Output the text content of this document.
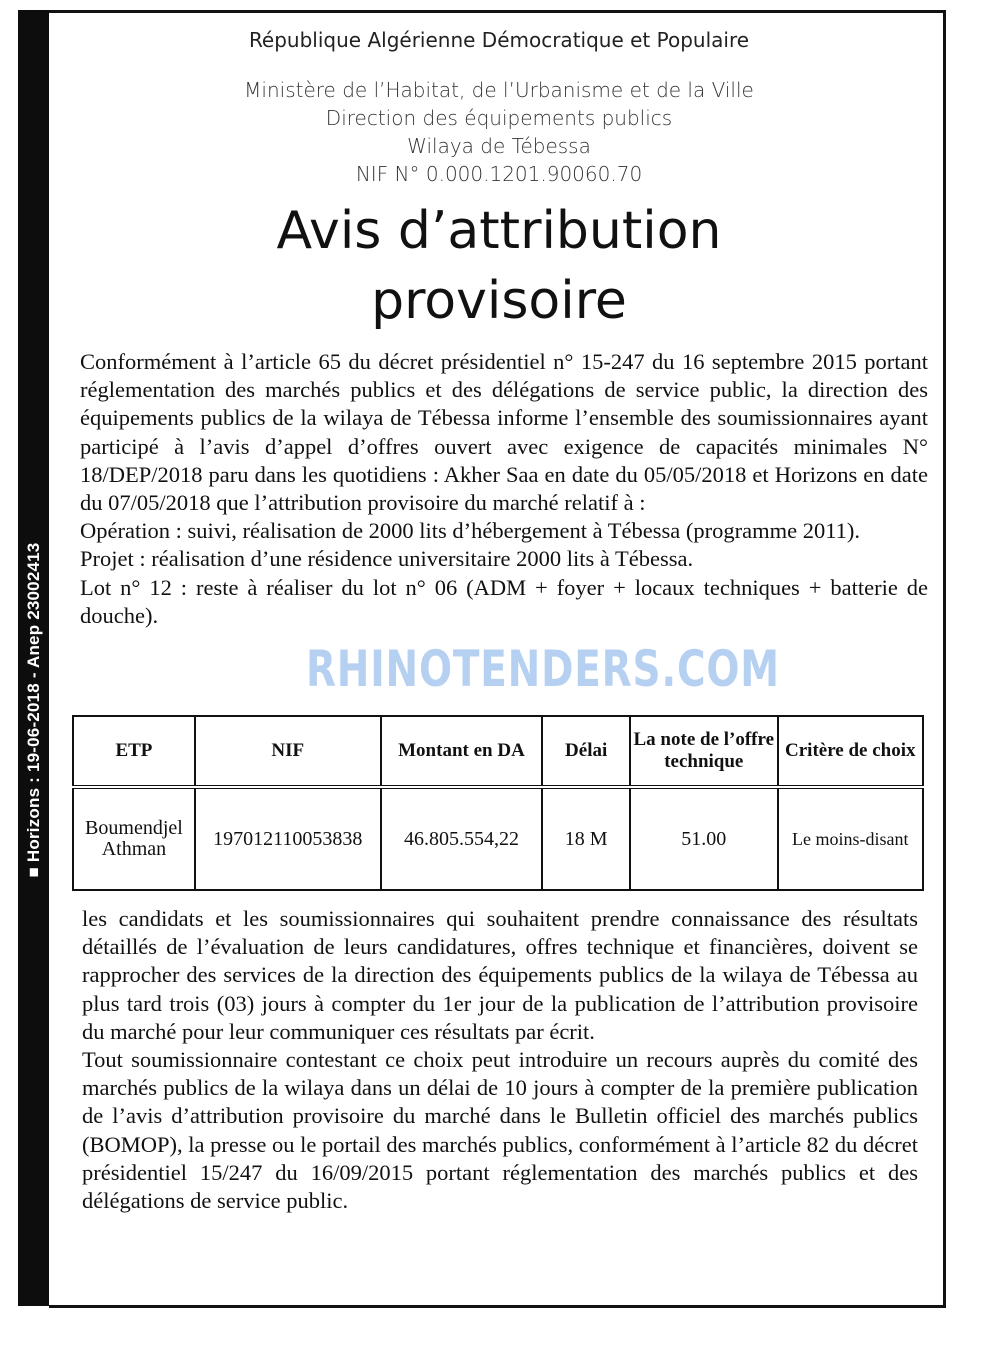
■ Horizons : 19-06-2018 - Anep 23002413
République Algérienne Démocratique et Populaire
Ministère de l’Habitat, de l’Urbanisme et de la Ville
Direction des équipements publics
Wilaya de Tébessa
NIF N° 0.000.1201.90060.70
Avis d’attribution
provisoire

Conformément à l’article 65 du décret présidentiel n° 15-247 du 16 septembre 2015 portant réglementation des marchés publics et des délégations de service public, la direction des équipements publics de la wilaya de Tébessa informe l’ensemble des soumissionnaires ayant participé à l’avis d’appel d’offres ouvert avec exigence de capacités minimales N° 18/DEP/2018 paru dans les quotidiens : Akher Saa en date du 05/05/2018 et Horizons en date du 07/05/2018 que l’attribution provisoire du marché relatif à :

Opération : suivi, réalisation de 2000 lits d’hébergement à Tébessa (programme 2011).

Projet : réalisation d’une résidence universitaire 2000 lits à Tébessa.

Lot n° 12 : reste à réaliser du lot n° 06 (ADM + foyer + locaux techniques + batterie de douche).

RHINOTENDERS.COM
ETP	NIF	Montant en DA	Délai	La note de l’offre technique	Critère de choix
Boumendjel Athman	197012110053838	46.805.554,22	18 M	51.00	Le moins-disant

les candidats et les soumissionnaires qui souhaitent prendre connaissance des résultats détaillés de l’évaluation de leurs candidatures, offres technique et financières, doivent se rapprocher des services de la direction des équipements publics de la wilaya de Tébessa au plus tard trois (03) jours à compter du 1er jour de la publication de l’attribution provisoire du marché pour leur communiquer ces résultats par écrit.

Tout soumissionnaire contestant ce choix peut introduire un recours auprès du comité des marchés publics de la wilaya dans un délai de 10 jours à compter de la première publication de l’avis d’attribution provisoire du marché dans le Bulletin officiel des marchés publics (BOMOP), la presse ou le portail des marchés publics, conformément à l’article 82 du décret présidentiel 15/247 du 16/09/2015 portant réglementation des marchés publics et des délégations de service public.
